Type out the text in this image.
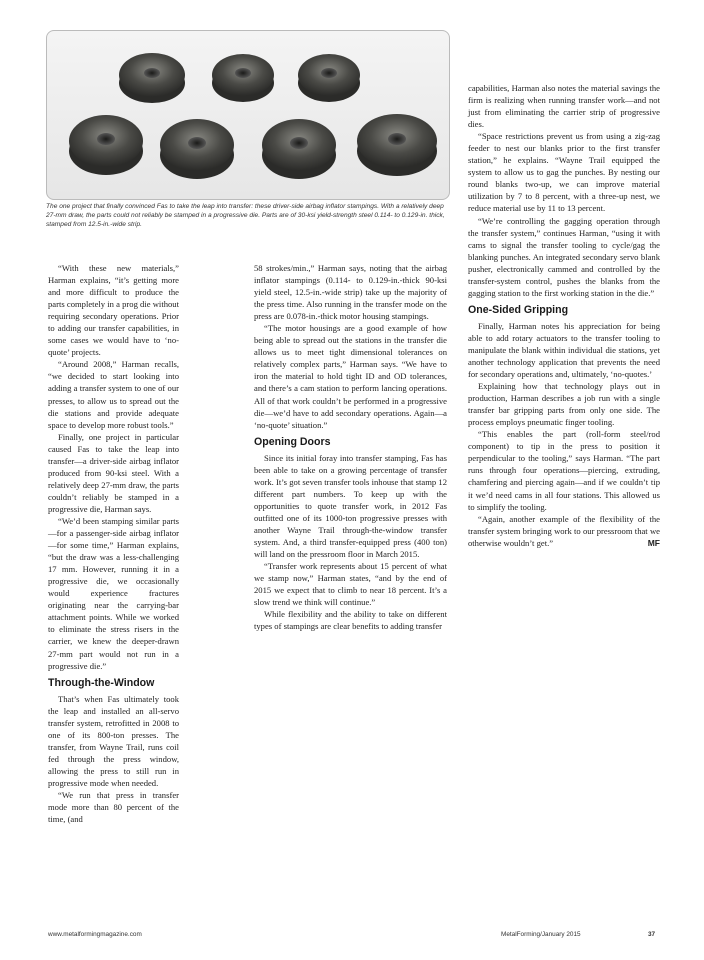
The one project that finally convinced Fas to take the leap into transfer: these driver-side airbag inflator stampings. With a relatively deep 27-mm draw, the parts could not reliably be stamped in a progressive die. Parts are of 30-ksi yield-strength steel 0.114- to 0.129-in. thick, stamped from 12.5-in.-wide strip.

“With these new materials,” Harman explains, “it’s getting more and more difficult to produce the parts completely in a prog die without requiring secondary operations. Prior to adding our transfer capabilities, in some cases we would have to ‘no-quote’ projects.

“Around 2008,” Harman recalls, “we decided to start looking into adding a transfer system to one of our presses, to allow us to spread out the die stations and provide adequate space to develop more robust tools.”

Finally, one project in particular caused Fas to take the leap into transfer—a driver-side airbag inflator produced from 90-ksi steel. With a relatively deep 27-mm draw, the parts couldn’t reliably be stamped in a progressive die, Harman says.

“We’d been stamping similar parts—for a passenger-side airbag inflator—for some time,” Harman explains, “but the draw was a less-challenging 17 mm. However, running it in a progressive die, we occasionally would experience fractures originating near the carrying-bar attachment points. While we worked to eliminate the stress risers in the carrier, we knew the deeper-drawn 27-mm part would not run in a progressive die.”

Through-the-Window

That’s when Fas ultimately took the leap and installed an all-servo transfer system, retrofitted in 2008 to one of its 800-ton presses. The transfer, from Wayne Trail, runs coil fed through the press window, allowing the press to still run in progressive mode when needed.

“We run that press in transfer mode more than 80 percent of the time, (and

58 strokes/min.,” Harman says, noting that the airbag inflator stampings (0.114- to 0.129-in.-thick 90-ksi yield steel, 12.5-in.-wide strip) take up the majority of the press time. Also running in the transfer mode on the press are 0.078-in.-thick motor housing stampings.

“The motor housings are a good example of how being able to spread out the stations in the transfer die allows us to meet tight dimensional tolerances on relatively complex parts,” Harman says. “We have to iron the material to hold tight ID and OD tolerances, and there’s a cam station to perform lancing operations. All of that work couldn’t be performed in a progressive die—we’d have to add secondary operations. Again—a ‘no-quote’ situation.”

Opening Doors

Since its initial foray into transfer stamping, Fas has been able to take on a growing percentage of transfer work. It’s got seven transfer tools inhouse that stamp 12 different part numbers. To keep up with the opportunities to quote transfer work, in 2012 Fas outfitted one of its 1000-ton progressive presses with another Wayne Trail through-the-window transfer system. And, a third transfer-equipped press (400 ton) will land on the pressroom floor in March 2015.

“Transfer work represents about 15 percent of what we stamp now,” Harman states, “and by the end of 2015 we expect that to climb to near 18 percent. It’s a slow trend we think will continue.”

While flexibility and the ability to take on different types of stampings are clear benefits to adding transfer

capabilities, Harman also notes the material savings the firm is realizing when running transfer work—and not just from eliminating the carrier strip of progressive dies.

“Space restrictions prevent us from using a zig-zag feeder to nest our blanks prior to the first transfer station,” he explains. “Wayne Trail equipped the system to allow us to gag the punches. By nesting our round blanks two-up, we can improve material utilization by 7 to 8 percent, with a three-up nest, we reduce material use by 11 to 13 percent.

“We’re controlling the gagging operation through the transfer system,” continues Harman, “using it with cams to signal the transfer tooling to cycle/gag the blanking punches. An integrated secondary servo blank pusher, electronically cammed and controlled by the transfer-system control, pushes the blanks from the gagging station to the first working station in the die.”

One-Sided Gripping

Finally, Harman notes his appreciation for being able to add rotary actuators to the transfer tooling to manipulate the blank within individual die stations, yet another technology application that prevents the need for secondary operations and, ultimately, ‘no-quotes.’

Explaining how that technology plays out in production, Harman describes a job run with a single transfer bar gripping parts from only one side. The process employs pneumatic finger tooling.

“This enables the part (roll-form steel/rod component) to tip in the press to position it perpendicular to the tooling,” says Harman. “The part runs through four operations—piercing, extruding, chamfering and piercing again—and if we couldn’t tip it we’d need cams in all four stations. This allowed us to simplify the tooling.

“Again, another example of the flexibility of the transfer system bringing work to our pressroom that we otherwise wouldn’t get.”	MF

www.metalformingmagazine.com	MetalForming/January 2015	37
